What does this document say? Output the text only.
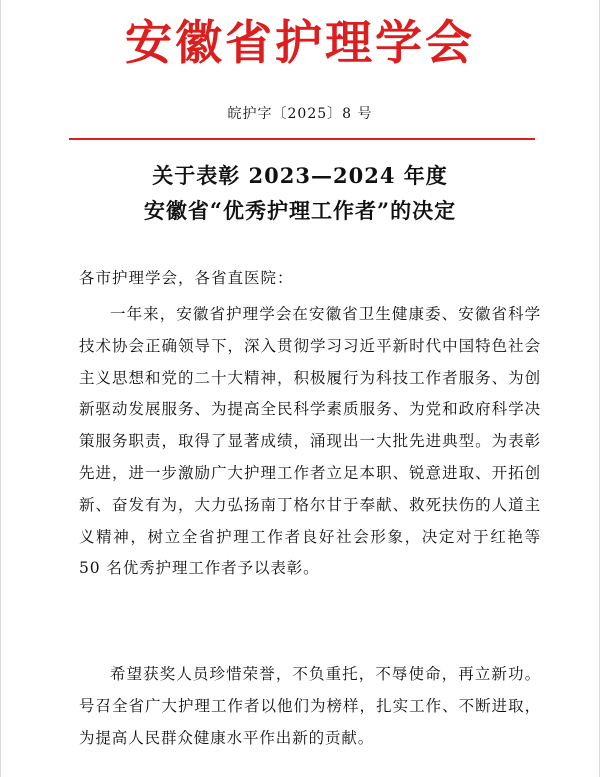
安徽省护理学会
皖护字〔2025〕8 号
关于表彰 2023—2024 年度
安徽省“优秀护理工作者”的决定
各市护理学会，各省直医院：

一年来，安徽省护理学会在安徽省卫生健康委、安徽省科学技术协会正确领导下，深入贯彻学习习近平新时代中国特色社会主义思想和党的二十大精神，积极履行为科技工作者服务、为创新驱动发展服务、为提高全民科学素质服务、为党和政府科学决策服务职责，取得了显著成绩，涌现出一大批先进典型。为表彰先进，进一步激励广大护理工作者立足本职、锐意进取、开拓创新、奋发有为，大力弘扬南丁格尔甘于奉献、救死扶伤的人道主义精神，树立全省护理工作者良好社会形象，决定对于红艳等 50 名优秀护理工作者予以表彰。

希望获奖人员珍惜荣誉，不负重托，不辱使命，再立新功。号召全省广大护理工作者以他们为榜样，扎实工作、不断进取，为提高人民群众健康水平作出新的贡献。
